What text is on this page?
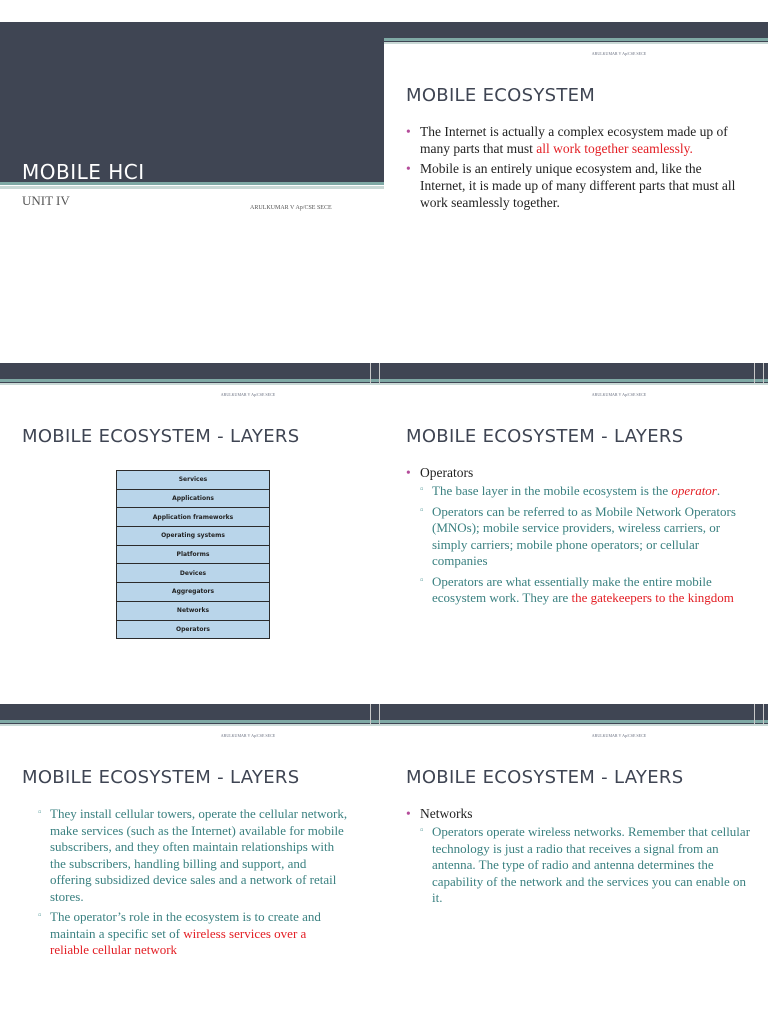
MOBILE HCI
UNIT IV	ARULKUMAR V Ap/CSE SECE
ARULKUMAR V Ap/CSE SECE
MOBILE ECOSYSTEM
• The Internet is actually a complex ecosystem made up of many parts that must all work together seamlessly.
• Mobile is an entirely unique ecosystem and, like the Internet, it is made up of many different parts that must all work seamlessly together.
ARULKUMAR V Ap/CSE SECE
MOBILE ECOSYSTEM - LAYERS
Services
Applications
Application frameworks
Operating systems
Platforms
Devices
Aggregators
Networks
Operators
ARULKUMAR V Ap/CSE SECE
MOBILE ECOSYSTEM - LAYERS
• Operators
▫ The base layer in the mobile ecosystem is the operator.
▫ Operators can be referred to as Mobile Network Operators (MNOs); mobile service providers, wireless carriers, or simply carriers; mobile phone operators; or cellular companies
▫ Operators are what essentially make the entire mobile ecosystem work. They are the gatekeepers to the kingdom
ARULKUMAR V Ap/CSE SECE
MOBILE ECOSYSTEM - LAYERS
▫ They install cellular towers, operate the cellular network, make services (such as the Internet) available for mobile subscribers, and they often maintain relationships with the subscribers, handling billing and support, and offering subsidized device sales and a network of retail stores.
▫ The operator’s role in the ecosystem is to create and maintain a specific set of wireless services over a reliable cellular network
ARULKUMAR V Ap/CSE SECE
MOBILE ECOSYSTEM - LAYERS
• Networks
▫ Operators operate wireless networks. Remember that cellular technology is just a radio that receives a signal from an antenna. The type of radio and antenna determines the capability of the network and the services you can enable on it.
